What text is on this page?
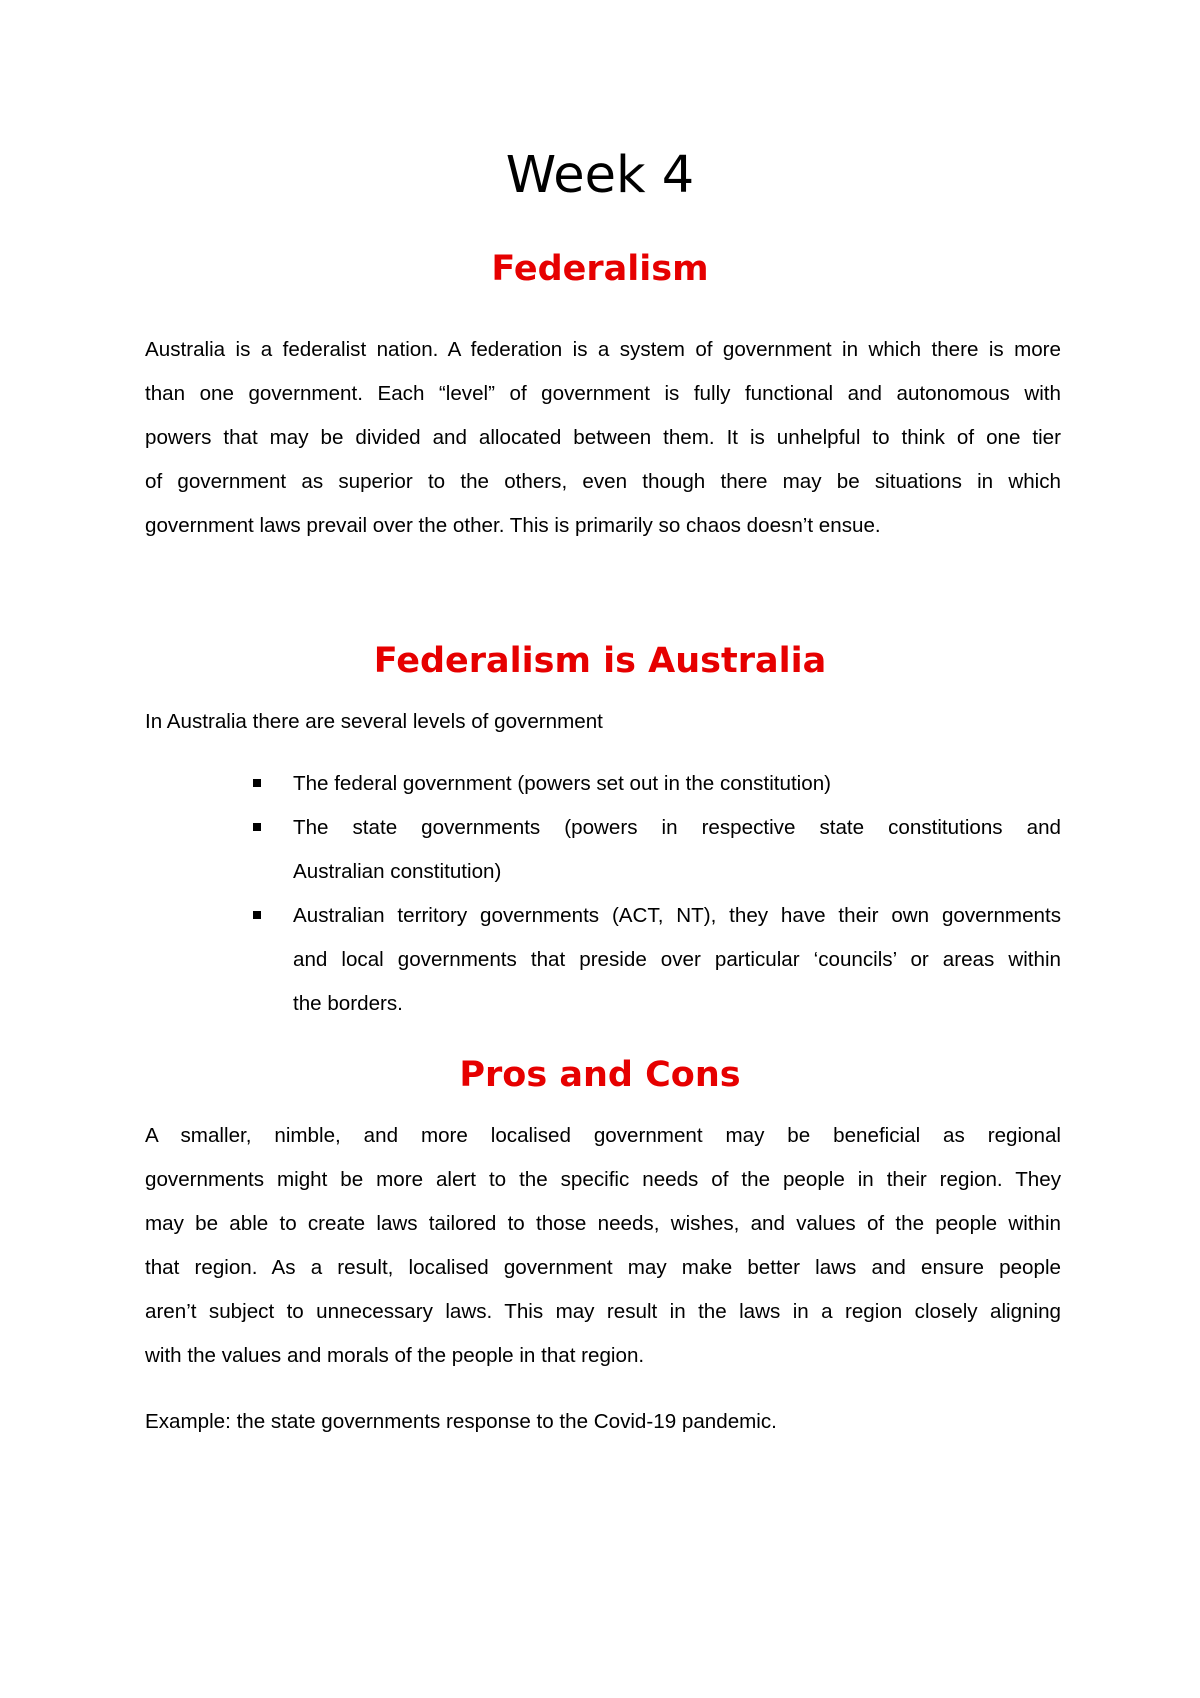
Week 4
Federalism
Australia is a federalist nation. A federation is a system of government in which there is more
than one government. Each “level” of government is fully functional and autonomous with
powers that may be divided and allocated between them. It is unhelpful to think of one tier
of government as superior to the others, even though there may be situations in which
government laws prevail over the other. This is primarily so chaos doesn’t ensue.
Federalism is Australia
In Australia there are several levels of government
The federal government (powers set out in the constitution)
The state governments (powers in respective state constitutions and
Australian constitution)
Australian territory governments (ACT, NT), they have their own governments
and local governments that preside over particular ‘councils’ or areas within
the borders.
Pros and Cons
A smaller, nimble, and more localised government may be beneficial as regional
governments might be more alert to the specific needs of the people in their region. They
may be able to create laws tailored to those needs, wishes, and values of the people within
that region. As a result, localised government may make better laws and ensure people
aren’t subject to unnecessary laws. This may result in the laws in a region closely aligning
with the values and morals of the people in that region.
Example: the state governments response to the Covid-19 pandemic.
